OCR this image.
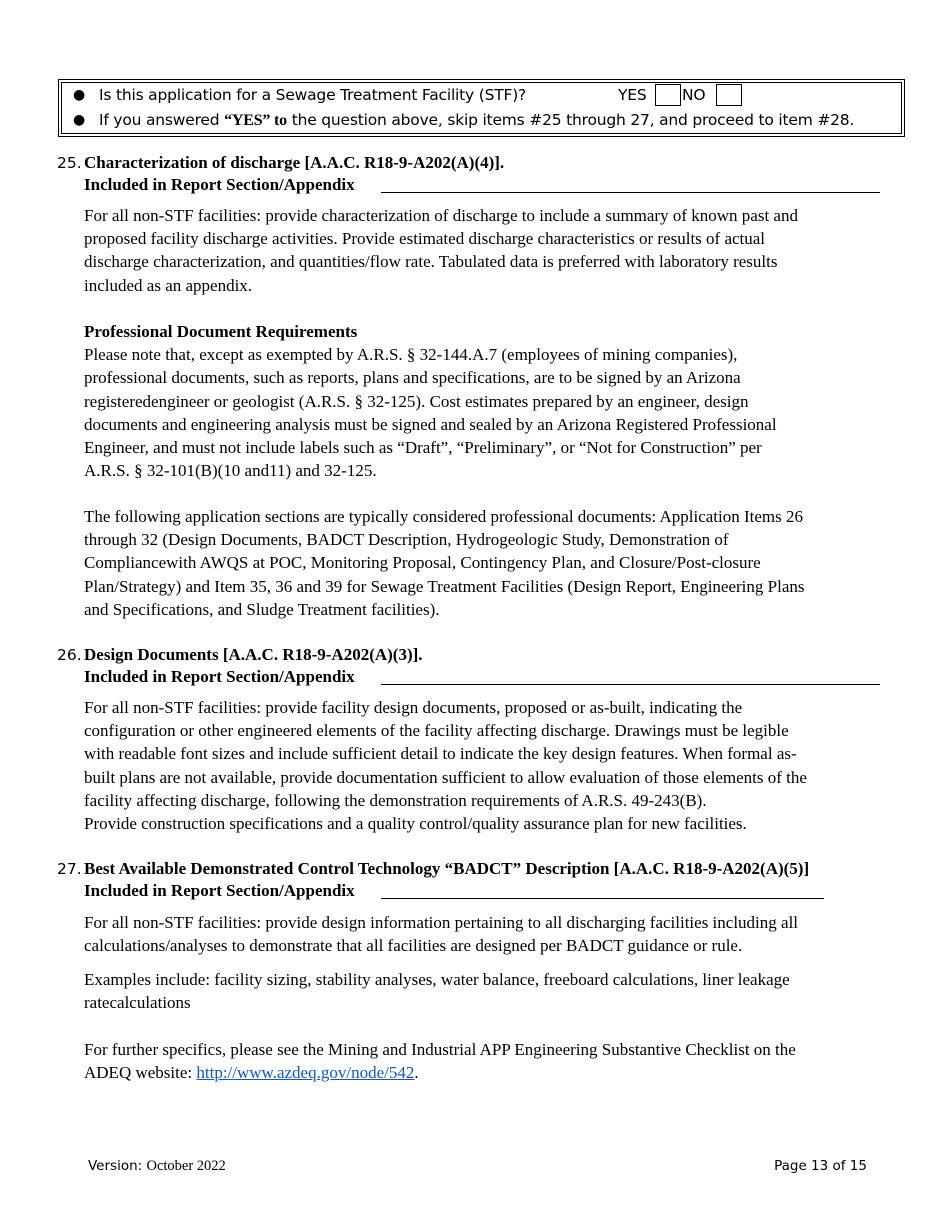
● Is this application for a Sewage Treatment Facility (STF)?	YES NO
● If you answered “YES” to the question above, skip items #25 through 27, and proceed to item #28.
25. Characterization of discharge [A.A.C. R18-9-A202(A)(4)].
Included in Report Section/Appendix
For all non-STF facilities: provide characterization of discharge to include a summary of known past and
proposed facility discharge activities. Provide estimated discharge characteristics or results of actual
discharge characterization, and quantities/flow rate. Tabulated data is preferred with laboratory results
included as an appendix.
Professional Document Requirements
Please note that, except as exempted by A.R.S. § 32-144.A.7 (employees of mining companies),
professional documents, such as reports, plans and specifications, are to be signed by an Arizona
registeredengineer or geologist (A.R.S. § 32-125). Cost estimates prepared by an engineer, design
documents and engineering analysis must be signed and sealed by an Arizona Registered Professional
Engineer, and must not include labels such as “Draft”, “Preliminary”, or “Not for Construction” per
A.R.S. § 32-101(B)(10 and11) and 32-125.
The following application sections are typically considered professional documents: Application Items 26
through 32 (Design Documents, BADCT Description, Hydrogeologic Study, Demonstration of
Compliancewith AWQS at POC, Monitoring Proposal, Contingency Plan, and Closure/Post-closure
Plan/Strategy) and Item 35, 36 and 39 for Sewage Treatment Facilities (Design Report, Engineering Plans
and Specifications, and Sludge Treatment facilities).
26. Design Documents [A.A.C. R18-9-A202(A)(3)].
Included in Report Section/Appendix
For all non-STF facilities: provide facility design documents, proposed or as-built, indicating the
configuration or other engineered elements of the facility affecting discharge. Drawings must be legible
with readable font sizes and include sufficient detail to indicate the key design features. When formal as-
built plans are not available, provide documentation sufficient to allow evaluation of those elements of the
facility affecting discharge, following the demonstration requirements of A.R.S. 49-243(B).
Provide construction specifications and a quality control/quality assurance plan for new facilities.
27. Best Available Demonstrated Control Technology “BADCT” Description [A.A.C. R18-9-A202(A)(5)]
Included in Report Section/Appendix
For all non-STF facilities: provide design information pertaining to all discharging facilities including all
calculations/analyses to demonstrate that all facilities are designed per BADCT guidance or rule.
Examples include: facility sizing, stability analyses, water balance, freeboard calculations, liner leakage
ratecalculations
For further specifics, please see the Mining and Industrial APP Engineering Substantive Checklist on the
ADEQ website: http://www.azdeq.gov/node/542.
Version: October 2022	Page 13 of 15
